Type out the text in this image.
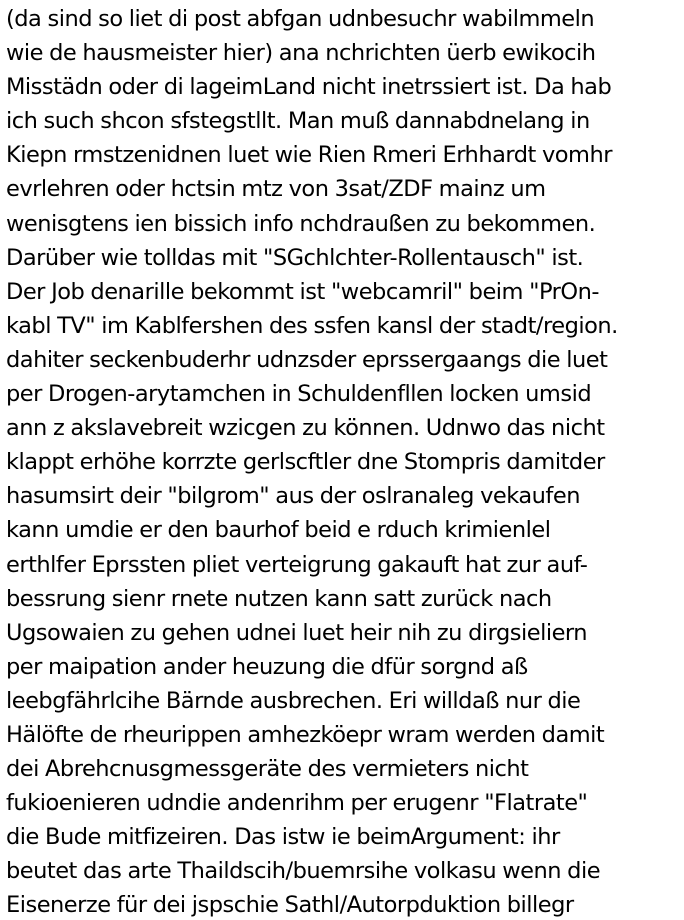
(da sind so liet di post abfgan udnbesuchr wabilmmeln
wie de hausmeister hier) ana nchrichten üerb ewikocih
Misstädn oder di lageimLand nicht inetrssiert ist. Da hab
ich such shcon sfstegstllt. Man muß dannabdnelang in
Kiepn rmstzenidnen luet wie Rien Rmeri Erhhardt vomhr
evrlehren oder hctsin mtz von 3sat/ZDF mainz um
wenisgtens ien bissich info nchdraußen zu bekommen.
Darüber wie tolldas mit "SGchlchter-Rollentausch" ist.
Der Job denarille bekommt ist "webcamril" beim "PrOn-
kabl TV" im Kablfershen des ssfen kansl der stadt/region.
dahiter seckenbuderhr udnzsder eprssergaangs die luet
per Drogen-arytamchen in Schuldenfllen locken umsid
ann z akslavebreit wzicgen zu können. Udnwo das nicht
klappt erhöhe korrzte gerlscftler dne Stompris damitder
hasumsirt deir "bilgrom" aus der oslranaleg vekaufen
kann umdie er den baurhof beid e rduch krimienlel
erthlfer Eprssten pliet verteigrung gakauft hat zur auf-
bessrung sienr rnete nutzen kann satt zurück nach
Ugsowaien zu gehen udnei luet heir nih zu dirgsieliern
per maipation ander heuzung die dfür sorgnd aß
leebgfährlcihe Bärnde ausbrechen. Eri willdaß nur die
Hälöfte de rheurippen amhezköepr wram werden damit
dei Abrehcnusgmessgeräte des vermieters nicht
fukioenieren udndie andenrihm per erugenr "Flatrate"
die Bude mitfizeiren. Das istw ie beimArgument: ihr
beutet das arte Thaildscih/buemrsihe volkasu wenn die
Eisenerze für dei jspschie Sathl/Autorpduktion billegr
